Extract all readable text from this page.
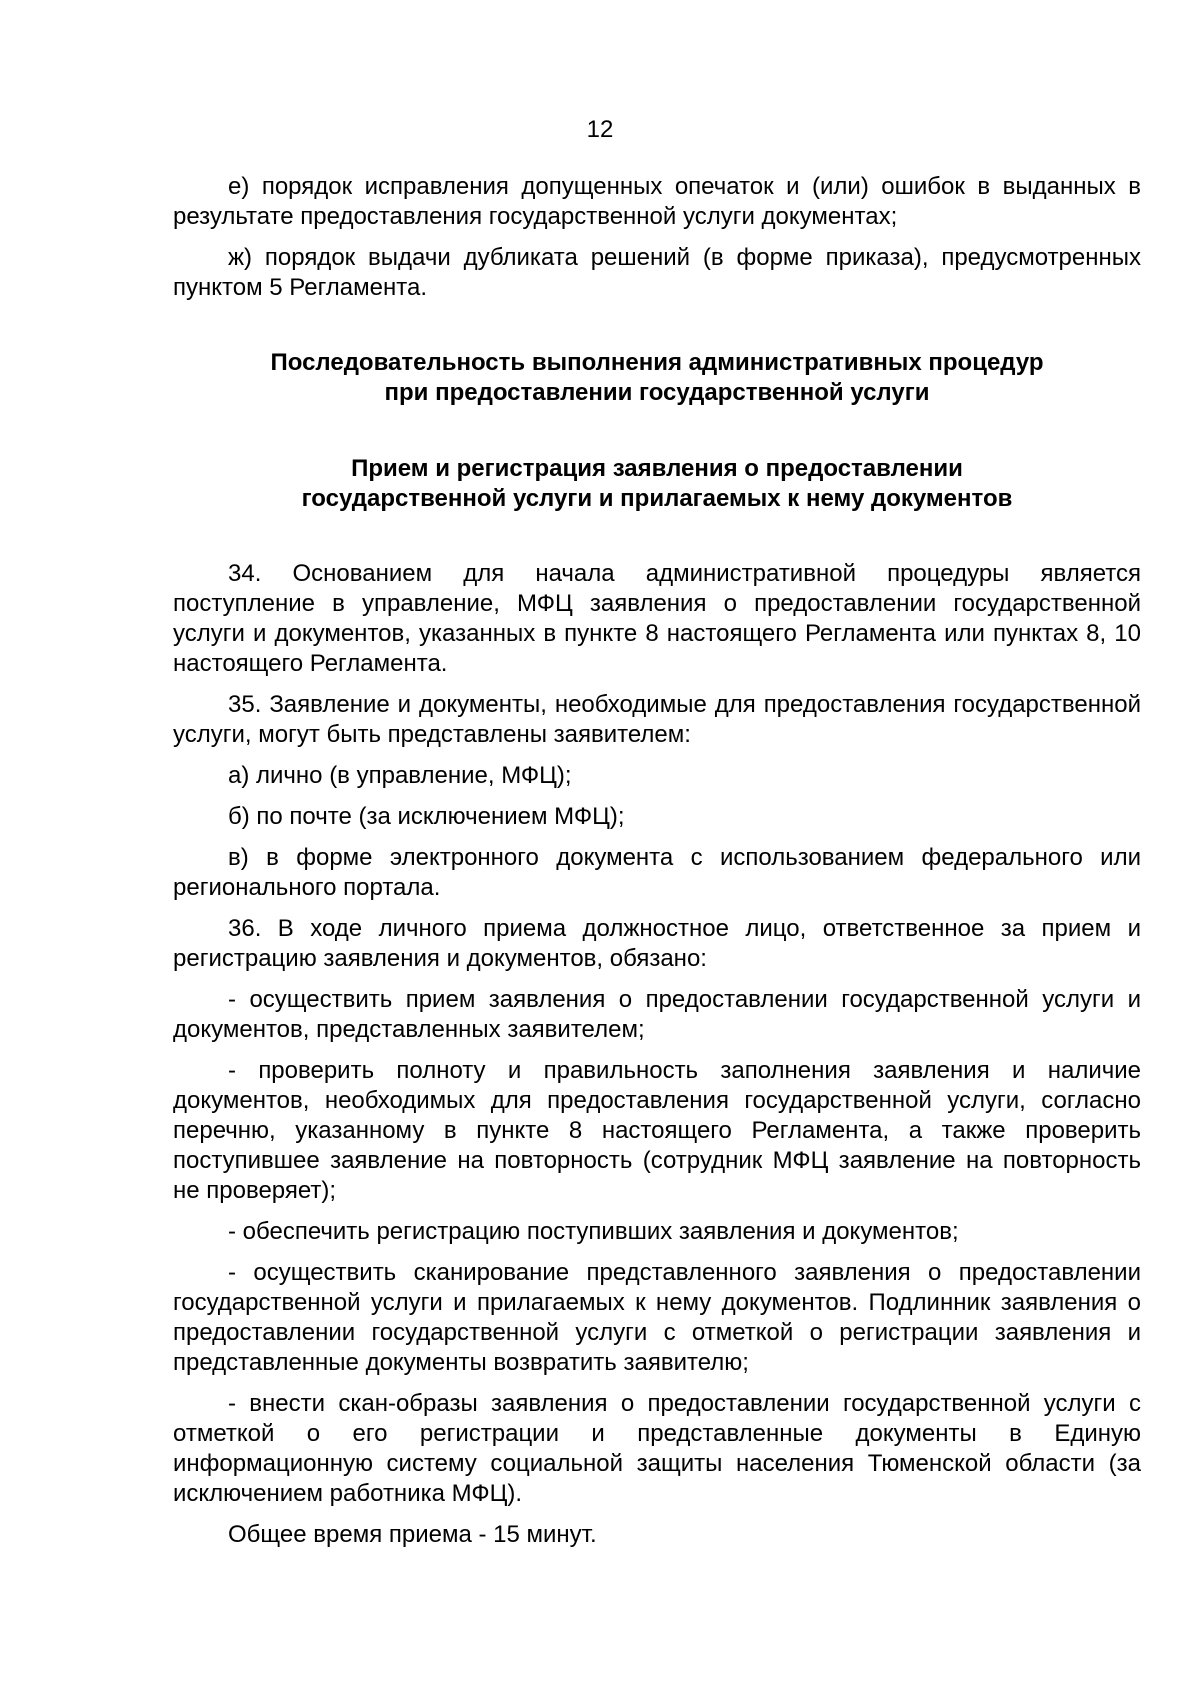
12

е) порядок исправления допущенных опечаток и (или) ошибок в выданных в результате предоставления государственной услуги документах;

ж) порядок выдачи дубликата решений (в форме приказа), предусмотренных пунктом 5 Регламента.

Последовательность выполнения административных процедур
при предоставлении государственной услуги
Прием и регистрация заявления о предоставлении
государственной услуги и прилагаемых к нему документов

34. Основанием для начала административной процедуры является поступление в управление, МФЦ заявления о предоставлении государственной услуги и документов, указанных в пункте 8 настоящего Регламента или пунктах 8, 10 настоящего Регламента.

35. Заявление и документы, необходимые для предоставления государственной услуги, могут быть представлены заявителем:

а) лично (в управление, МФЦ);

б) по почте (за исключением МФЦ);

в) в форме электронного документа с использованием федерального или регионального портала.

36. В ходе личного приема должностное лицо, ответственное за прием и регистрацию заявления и документов, обязано:

- осуществить прием заявления о предоставлении государственной услуги и документов, представленных заявителем;

- проверить полноту и правильность заполнения заявления и наличие документов, необходимых для предоставления государственной услуги, согласно перечню, указанному в пункте 8 настоящего Регламента, а также проверить поступившее заявление на повторность (сотрудник МФЦ заявление на повторность не проверяет);

- обеспечить регистрацию поступивших заявления и документов;

- осуществить сканирование представленного заявления о предоставлении государственной услуги и прилагаемых к нему документов. Подлинник заявления о предоставлении государственной услуги с отметкой о регистрации заявления и представленные документы возвратить заявителю;

- внести скан-образы заявления о предоставлении государственной услуги с отметкой о его регистрации и представленные документы в Единую информационную систему социальной защиты населения Тюменской области (за исключением работника МФЦ).

Общее время приема - 15 минут.
